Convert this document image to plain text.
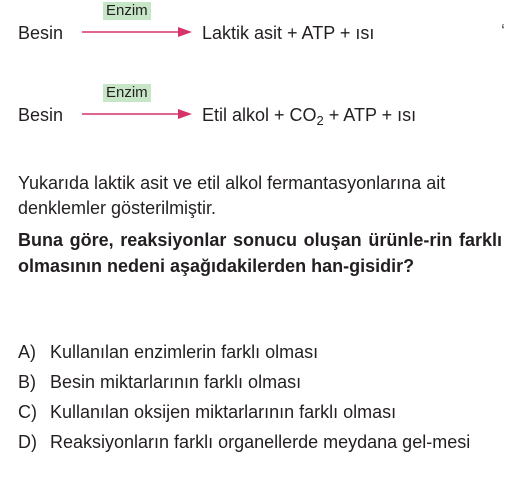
Besin
Enzim
Laktik asit + ATP + ısı	‘
Besin
Enzim
Etil alkol + $CO_2$ + ATP + ısı
Yukarıda laktik asit ve etil alkol fermantasyonlarına ait denklemler gösterilmiştir.
Buna göre, reaksiyonlar sonucu oluşan ürünle-rin farklı olmasının nedeni aşağıdakilerden han-gisidir?
A) Kullanılan enzimlerin farklı olması
B) Besin miktarlarının farklı olması
C) Kullanılan oksijen miktarlarının farklı olması
D) Reaksiyonların farklı organellerde meydana gel-mesi
